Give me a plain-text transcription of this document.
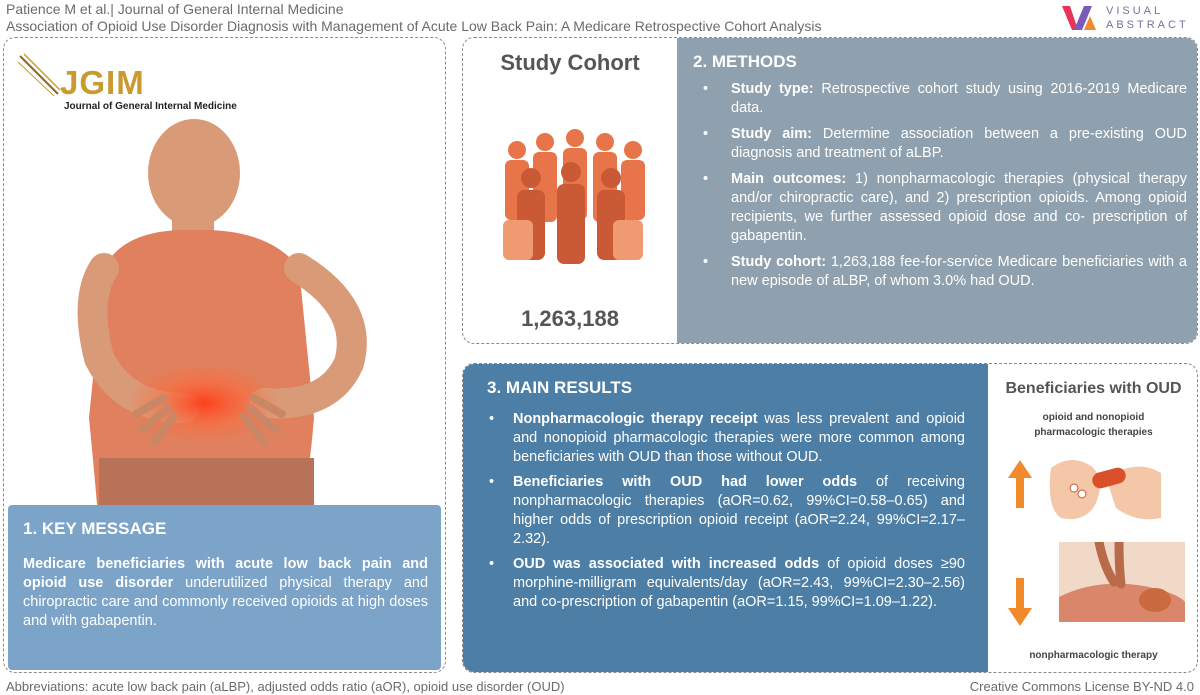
Patience M et al.| Journal of General Internal Medicine
Association of Opioid Use Disorder Diagnosis with Management of Acute Low Back Pain: A Medicare Retrospective Cohort Analysis
VISUAL
ABSTRACT
JGIM
Journal of General Internal Medicine
1. KEY MESSAGE
Medicare beneficiaries with acute low back pain and opioid use disorder underutilized physical therapy and chiropractic care and commonly received opioids at high doses and with gabapentin.
Study Cohort
1,263,188
2. METHODS
• Study type: Retrospective cohort study using 2016-2019 Medicare data.
• Study aim: Determine association between a pre-existing OUD diagnosis and treatment of aLBP.
• Main outcomes: 1) nonpharmacologic therapies (physical therapy and/or chiropractic care), and 2) prescription opioids. Among opioid recipients, we further assessed opioid dose and co- prescription of gabapentin.
• Study cohort: 1,263,188 fee-for-service Medicare beneficiaries with a new episode of aLBP, of whom 3.0% had OUD.
3. MAIN RESULTS
• Nonpharmacologic therapy receipt was less prevalent and opioid and nonopioid pharmacologic therapies were more common among beneficiaries with OUD than those without OUD.
• Beneficiaries with OUD had lower odds of receiving nonpharmacologic therapies (aOR=0.62, 99%CI=0.58–0.65) and higher odds of prescription opioid receipt (aOR=2.24, 99%CI=2.17–2.32).
• OUD was associated with increased odds of opioid doses ≥90 morphine-milligram equivalents/day (aOR=2.43, 99%CI=2.30–2.56) and co-prescription of gabapentin (aOR=1.15, 99%CI=1.09–1.22).
Beneficiaries with OUD
opioid and nonopioid pharmacologic therapies
nonpharmacologic therapy
Abbreviations: acute low back pain (aLBP), adjusted odds ratio (aOR), opioid use disorder (OUD)	Creative Commons License BY-ND 4.0
